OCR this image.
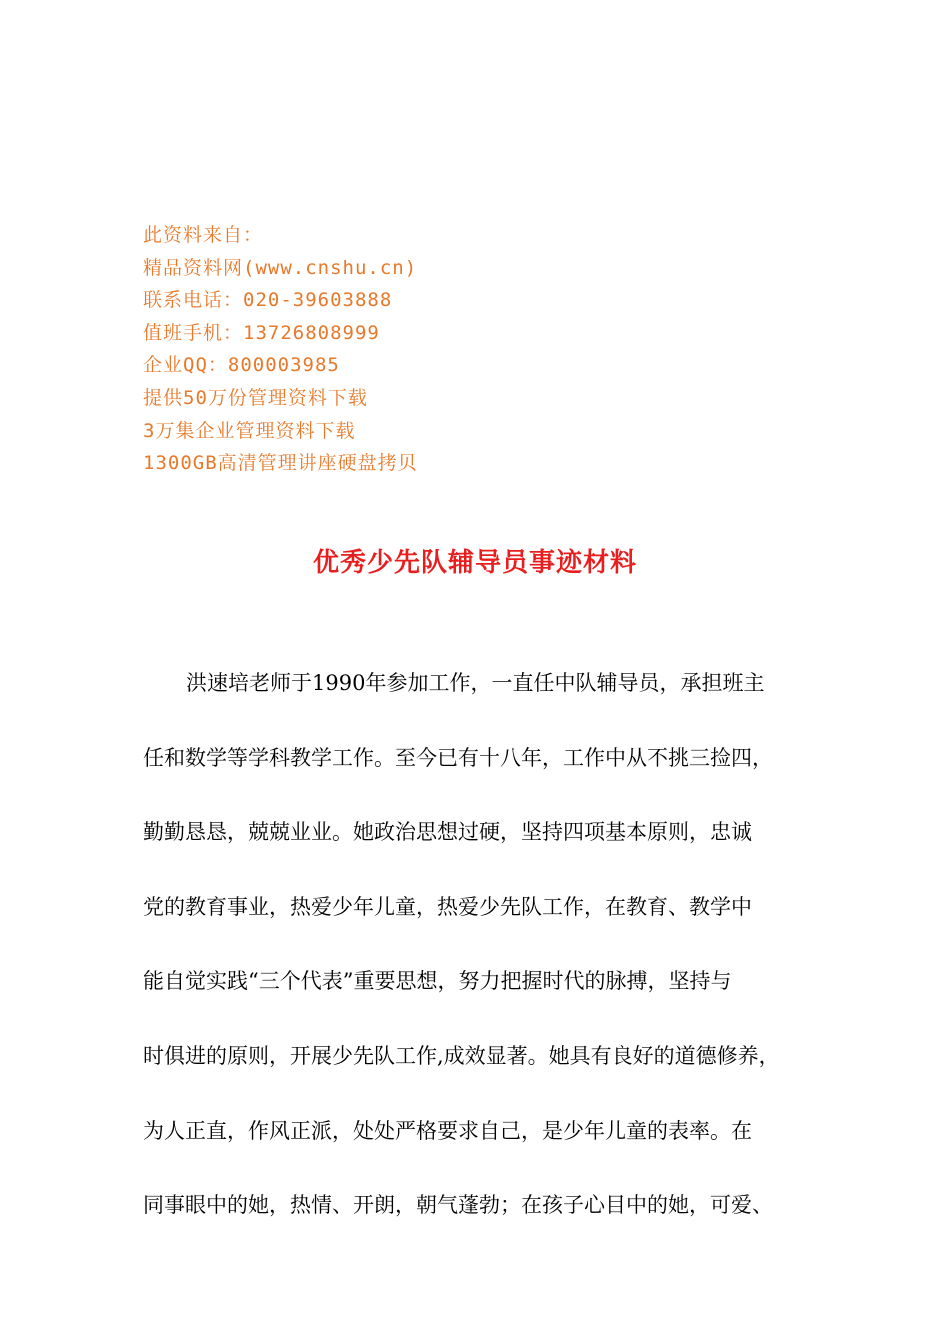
此资料来自：
精品资料网(www.cnshu.cn)
联系电话：020-39603888
值班手机：13726808999
企业QQ：800003985
提供50万份管理资料下载
3万集企业管理资料下载
1300GB高清管理讲座硬盘拷贝
优秀少先队辅导员事迹材料
洪速培老师于1990年参加工作，一直任中队辅导员，承担班主
任和数学等学科教学工作。至今已有十八年，工作中从不挑三捡四，
勤勤恳恳，兢兢业业。她政治思想过硬，坚持四项基本原则，忠诚
党的教育事业，热爱少年儿童，热爱少先队工作，在教育、教学中
能自觉实践“三个代表”重要思想，努力把握时代的脉搏，坚持与
时俱进的原则，开展少先队工作,成效显著。她具有良好的道德修养，
为人正直，作风正派，处处严格要求自己，是少年儿童的表率。在
同事眼中的她，热情、开朗，朝气蓬勃；在孩子心目中的她，可爱、
